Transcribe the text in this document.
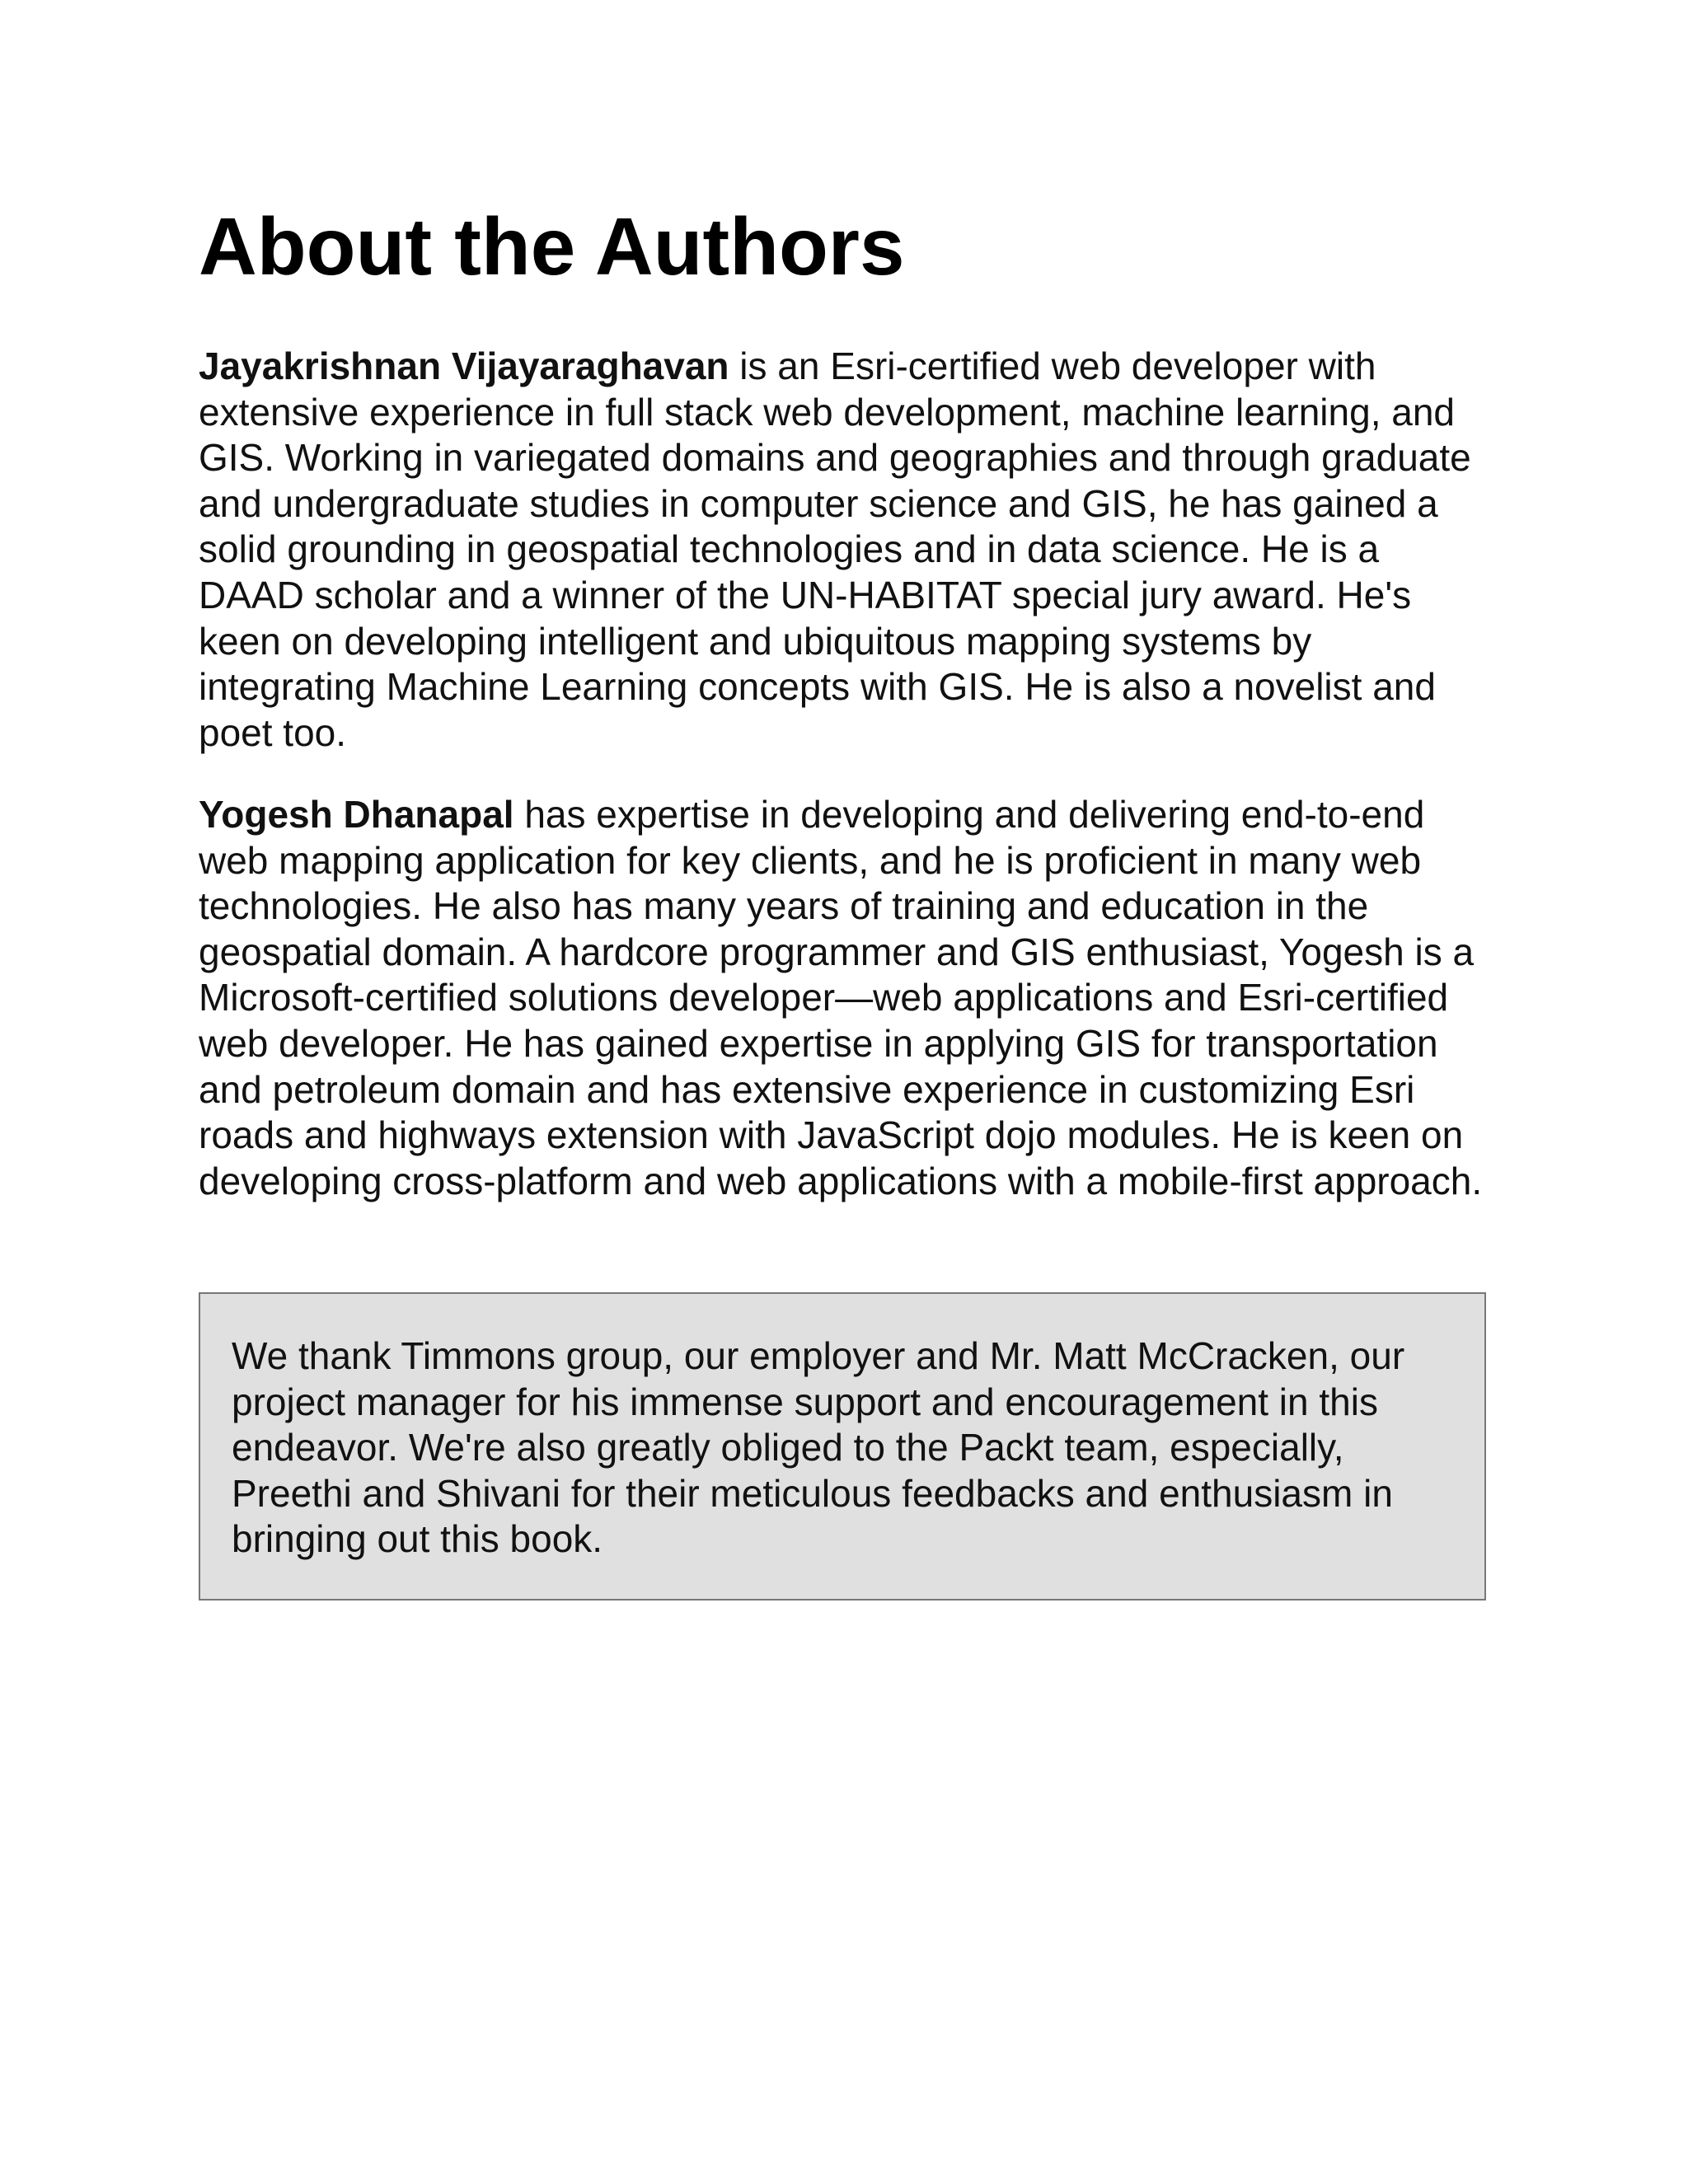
About the Authors

Jayakrishnan Vijayaraghavan is an Esri-certified web developer with extensive experience in full stack web development, machine learning, and GIS. Working in variegated domains and geographies and through graduate and undergraduate studies in computer science and GIS, he has gained a solid grounding in geospatial technologies and in data science. He is a DAAD scholar and a winner of the UN-HABITAT special jury award. He's keen on developing intelligent and ubiquitous mapping systems by integrating Machine Learning concepts with GIS. He is also a novelist and poet too.

Yogesh Dhanapal has expertise in developing and delivering end-to-end web mapping application for key clients, and he is proficient in many web technologies. He also has many years of training and education in the geospatial domain. A hardcore programmer and GIS enthusiast, Yogesh is a Microsoft-certified solutions developer—web applications and Esri-certified web developer. He has gained expertise in applying GIS for transportation and petroleum domain and has extensive experience in customizing Esri roads and highways extension with JavaScript dojo modules. He is keen on developing cross-platform and web applications with a mobile-first approach.

We thank Timmons group, our employer and Mr. Matt McCracken, our project manager for his immense support and encouragement in this endeavor. We're also greatly obliged to the Packt team, especially, Preethi and Shivani for their meticulous feedbacks and enthusiasm in bringing out this book.
